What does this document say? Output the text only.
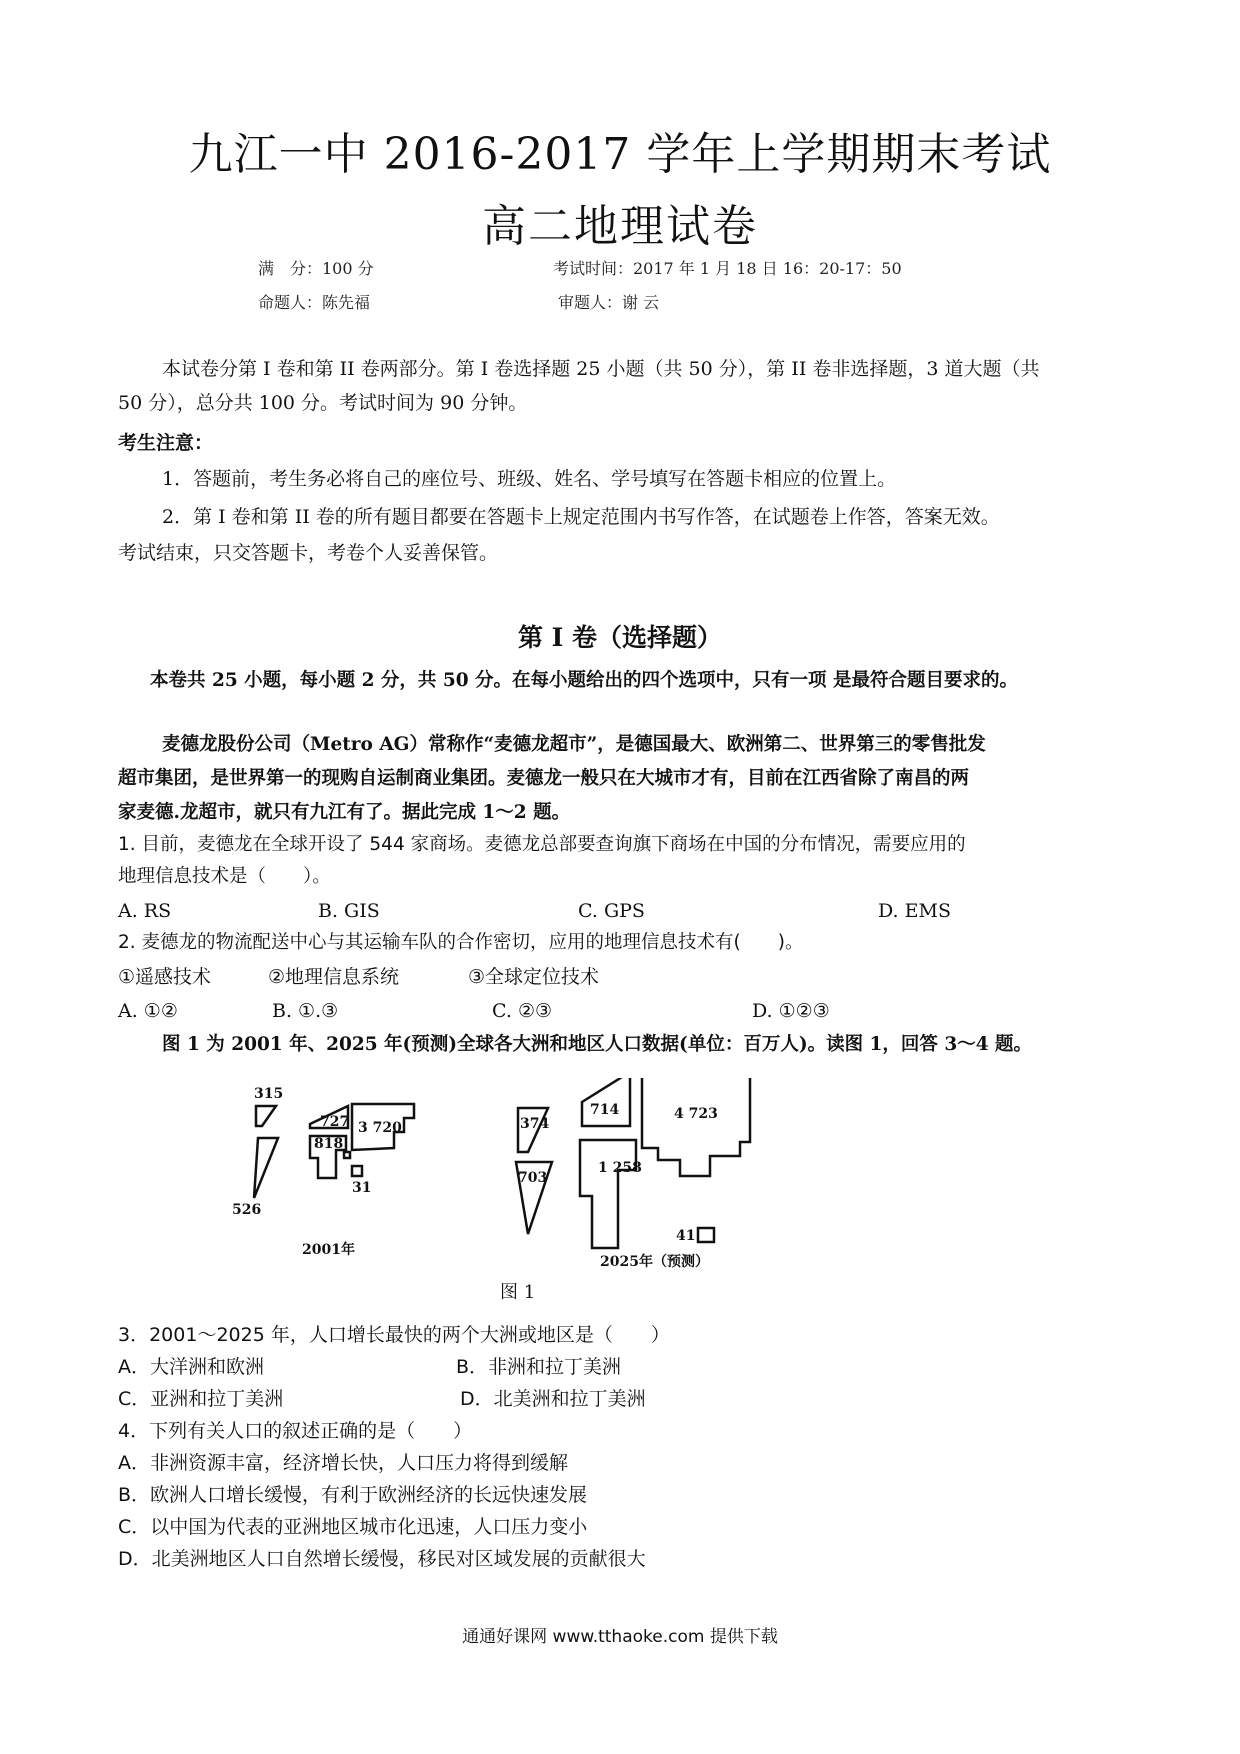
九江一中 2016-2017 学年上学期期末考试
高二地理试卷
满　分：100 分	考试时间：2017 年 1 月 18 日 16：20-17：50
命题人：陈先福	审题人：谢 云
本试卷分第 I 卷和第 II 卷两部分。第 I 卷选择题 25 小题（共 50 分），第 II 卷非选择题，3 道大题（共
50 分），总分共 100 分。考试时间为 90 分钟。
考生注意：
1．答题前，考生务必将自己的座位号、班级、姓名、学号填写在答题卡相应的位置上。
2．第 I 卷和第 II 卷的所有题目都要在答题卡上规定范围内书写作答，在试题卷上作答，答案无效。
考试结束，只交答题卡，考卷个人妥善保管。
第 I 卷（选择题）
本卷共 25 小题，每小题 2 分，共 50 分。在每小题给出的四个选项中，只有一项 是最符合题目要求的。
麦德龙股份公司（Metro AG）常称作“麦德龙超市”，是德国最大、欧洲第二、世界第三的零售批发
超市集团，是世界第一的现购自运制商业集团。麦德龙一般只在大城市才有，目前在江西省除了南昌的两
家麦德.龙超市，就只有九江有了。据此完成 1～2 题。
1. 目前，麦德龙在全球开设了 544 家商场。麦德龙总部要查询旗下商场在中国的分布情况，需要应用的
地理信息技术是（　　）。
A. RS	B. GIS	C. GPS	D. EMS
2. 麦德龙的物流配送中心与其运输车队的合作密切，应用的地理信息技术有(　　)。
①遥感技术	②地理信息系统	③全球定位技术
A. ①②	B. ①.③	C. ②③	D. ①②③
图 1 为 2001 年、2025 年(预测)全球各大洲和地区人口数据(单位：百万人)。读图 1，回答 3～4 题。
315
526
727
818
3 720
31
2001年
374
703
714
1 258
4 723
41
2025年（预测）
图 1
3．2001～2025 年，人口增长最快的两个大洲或地区是（　　）
A．大洋洲和欧洲	B．非洲和拉丁美洲
C．亚洲和拉丁美洲	D．北美洲和拉丁美洲
4．下列有关人口的叙述正确的是（　　）
A．非洲资源丰富，经济增长快，人口压力将得到缓解
B．欧洲人口增长缓慢，有利于欧洲经济的长远快速发展
C．以中国为代表的亚洲地区城市化迅速，人口压力变小
D．北美洲地区人口自然增长缓慢，移民对区域发展的贡献很大
通通好课网 www.tthaoke.com 提供下载
